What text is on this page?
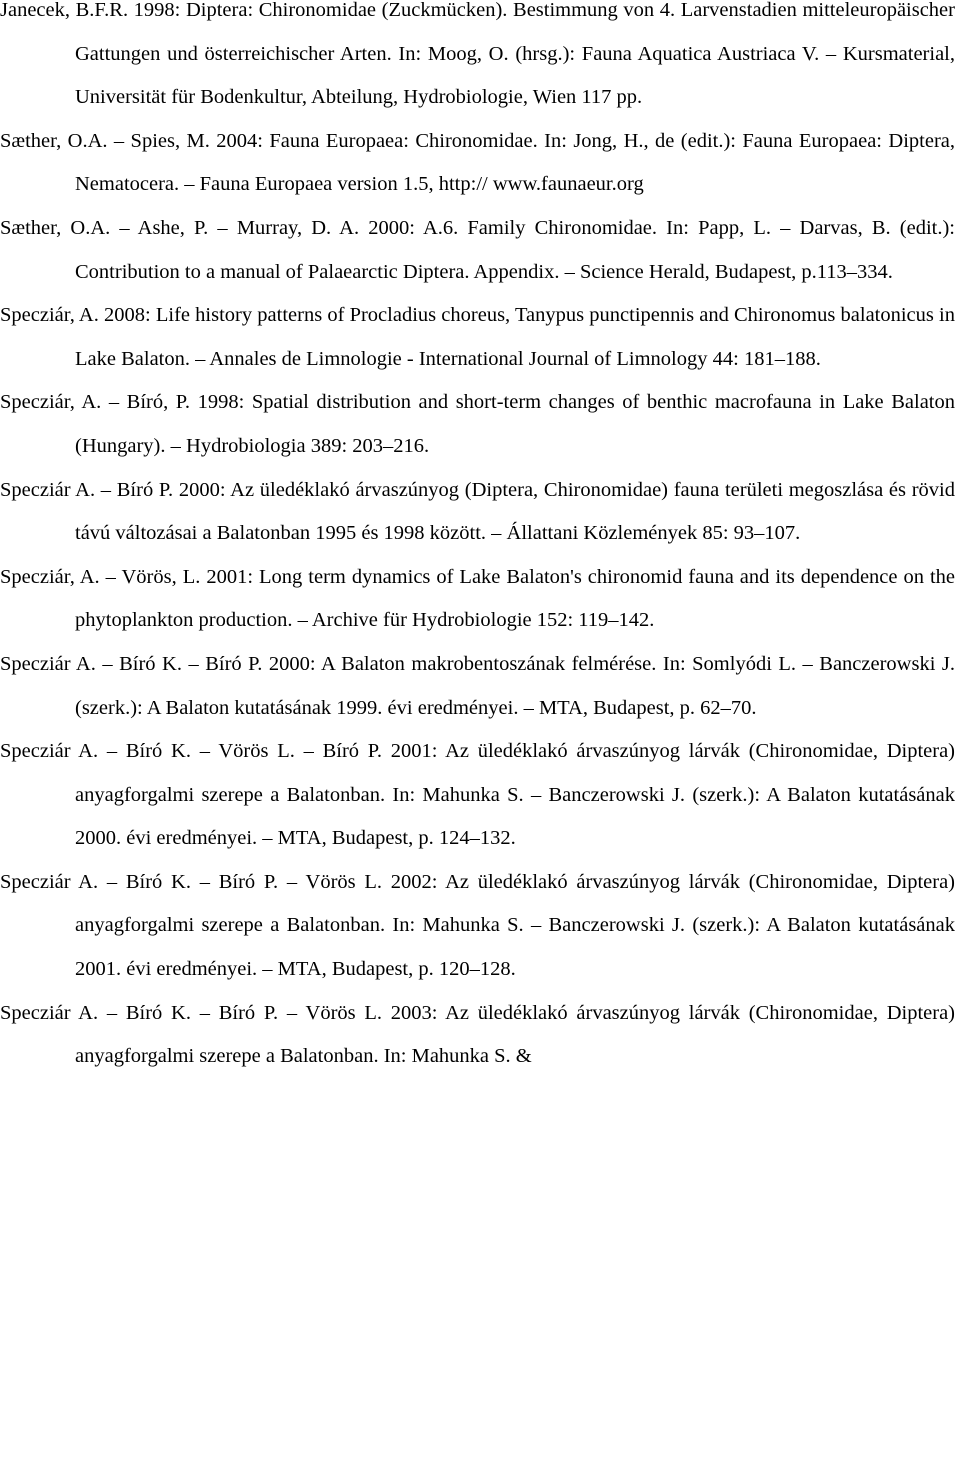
Janecek, B.F.R. 1998: Diptera: Chironomidae (Zuckmücken). Bestimmung von 4. Larvenstadien mitteleuropäischer Gattungen und österreichischer Arten. In: Moog, O. (hrsg.): Fauna Aquatica Austriaca V. – Kursmaterial, Universität für Bodenkultur, Abteilung, Hydrobiologie, Wien 117 pp.

Sæther, O.A. – Spies, M. 2004: Fauna Europaea: Chironomidae. In: Jong, H., de (edit.): Fauna Europaea: Diptera, Nematocera. – Fauna Europaea version 1.5, http:// www.faunaeur.org

Sæther, O.A. – Ashe, P. – Murray, D. A. 2000: A.6. Family Chironomidae. In: Papp, L. – Darvas, B. (edit.): Contribution to a manual of Palaearctic Diptera. Appendix. – Science Herald, Budapest, p.113–334.

Specziár, A. 2008: Life history patterns of Procladius choreus, Tanypus punctipennis and Chironomus balatonicus in Lake Balaton. – Annales de Limnologie - International Journal of Limnology 44: 181–188.

Specziár, A. – Bíró, P. 1998: Spatial distribution and short-term changes of benthic macrofauna in Lake Balaton (Hungary). – Hydrobiologia 389: 203–216.

Specziár A. – Bíró P. 2000: Az üledéklakó árvaszúnyog (Diptera, Chironomidae) fauna területi megoszlása és rövid távú változásai a Balatonban 1995 és 1998 között. – Állattani Közlemények 85: 93–107.

Specziár, A. – Vörös, L. 2001: Long term dynamics of Lake Balaton's chironomid fauna and its dependence on the phytoplankton production. – Archive für Hydrobiologie 152: 119–142.

Specziár A. – Bíró K. – Bíró P. 2000: A Balaton makrobentoszának felmérése. In: Somlyódi L. – Banczerowski J. (szerk.): A Balaton kutatásának 1999. évi eredményei. – MTA, Budapest, p. 62–70.

Specziár A. – Bíró K. – Vörös L. – Bíró P. 2001: Az üledéklakó árvaszúnyog lárvák (Chironomidae, Diptera) anyagforgalmi szerepe a Balatonban. In: Mahunka S. – Banczerowski J. (szerk.): A Balaton kutatásának 2000. évi eredményei. – MTA, Budapest, p. 124–132.

Specziár A. – Bíró K. – Bíró P. – Vörös L. 2002: Az üledéklakó árvaszúnyog lárvák (Chironomidae, Diptera) anyagforgalmi szerepe a Balatonban. In: Mahunka S. – Banczerowski J. (szerk.): A Balaton kutatásának 2001. évi eredményei. – MTA, Budapest, p. 120–128.

Specziár A. – Bíró K. – Bíró P. – Vörös L. 2003: Az üledéklakó árvaszúnyog lárvák (Chironomidae, Diptera) anyagforgalmi szerepe a Balatonban. In: Mahunka S. &
